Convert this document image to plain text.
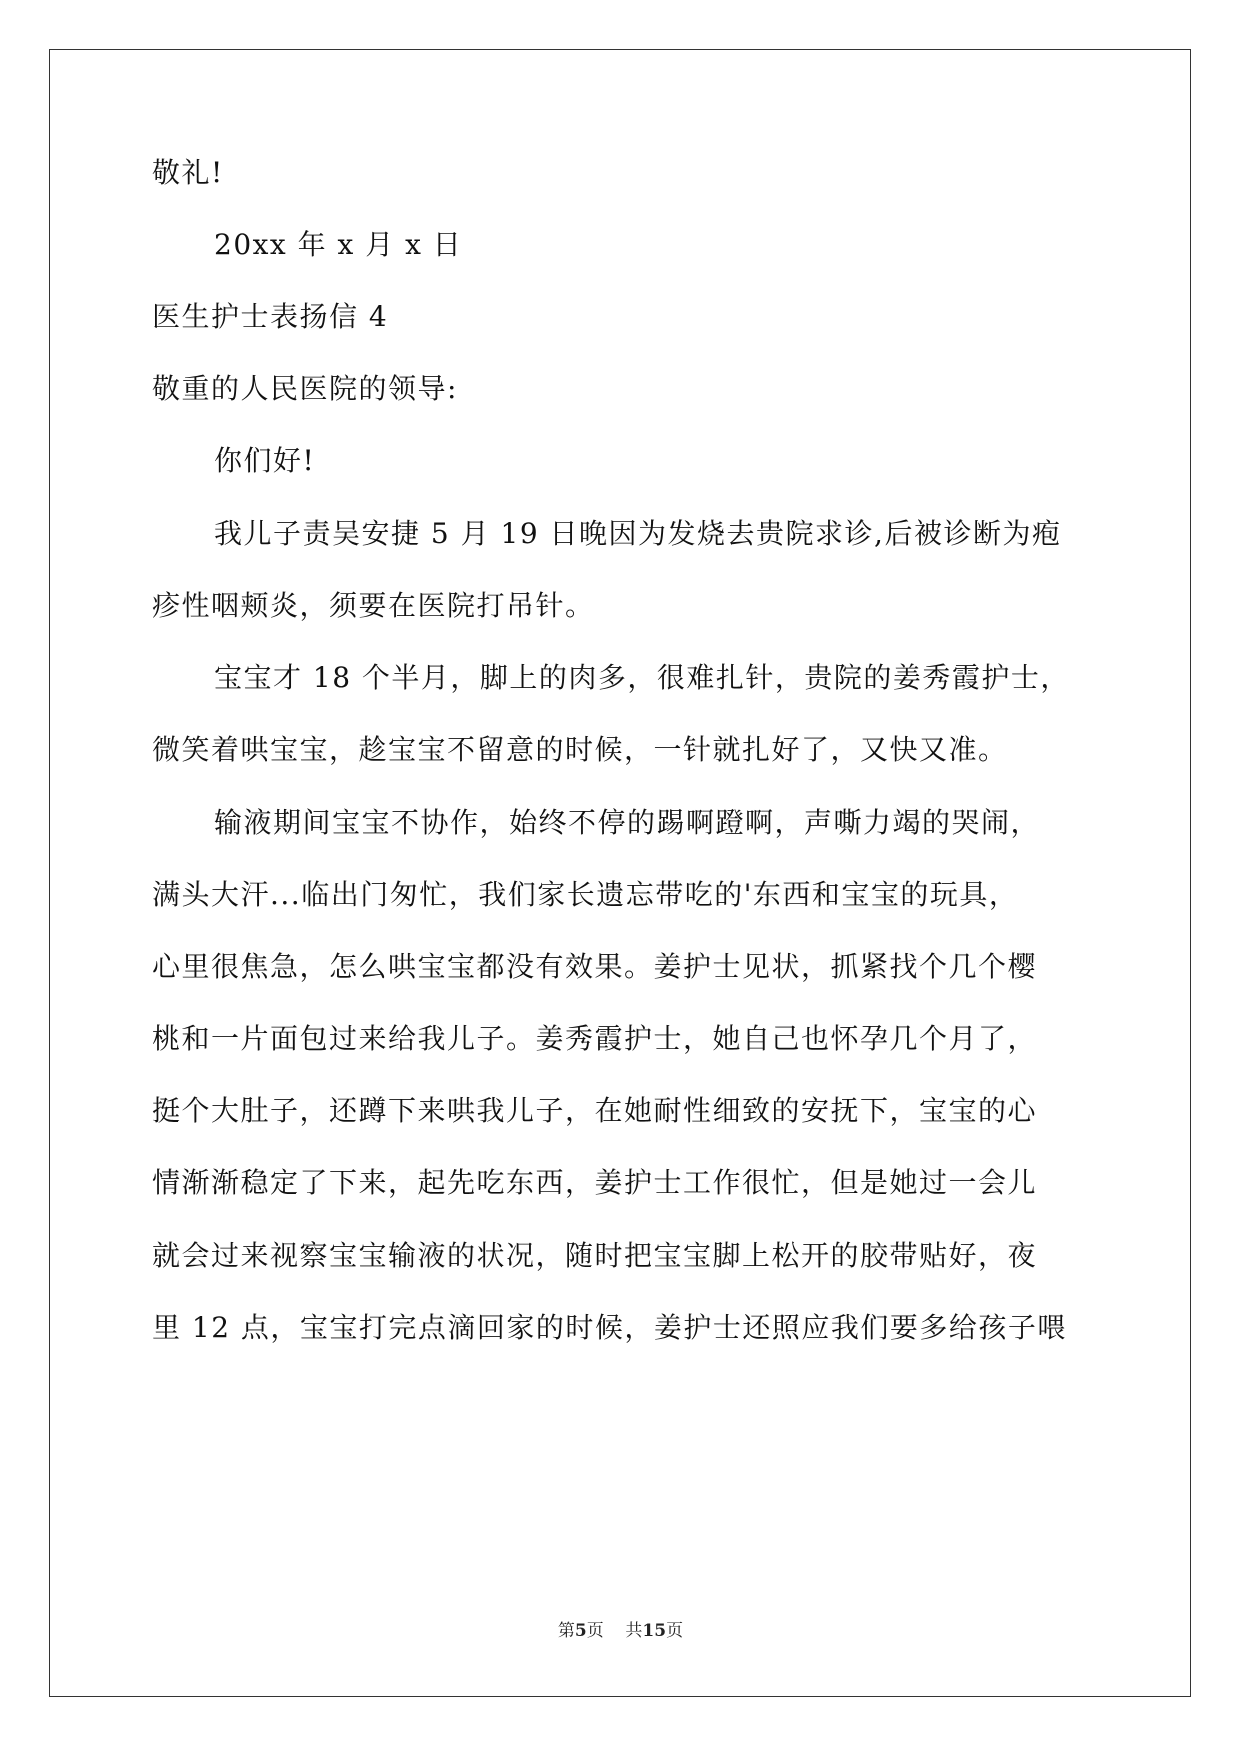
敬礼!
20xx 年 x 月 x 日
医生护士表扬信 4
敬重的人民医院的领导:
你们好!
我儿子责吴安捷 5 月 19 日晚因为发烧去贵院求诊,后被诊断为疱
疹性咽颊炎，须要在医院打吊针。
宝宝才 18 个半月，脚上的肉多，很难扎针，贵院的姜秀霞护士，
微笑着哄宝宝，趁宝宝不留意的时候，一针就扎好了，又快又准。
输液期间宝宝不协作，始终不停的踢啊蹬啊，声嘶力竭的哭闹，
满头大汗...临出门匆忙，我们家长遗忘带吃的'东西和宝宝的玩具，
心里很焦急，怎么哄宝宝都没有效果。姜护士见状，抓紧找个几个樱
桃和一片面包过来给我儿子。姜秀霞护士，她自己也怀孕几个月了，
挺个大肚子，还蹲下来哄我儿子，在她耐性细致的安抚下，宝宝的心
情渐渐稳定了下来，起先吃东西，姜护士工作很忙，但是她过一会儿
就会过来视察宝宝输液的状况，随时把宝宝脚上松开的胶带贴好，夜
里 12 点，宝宝打完点滴回家的时候，姜护士还照应我们要多给孩子喂
第5页    共15页
